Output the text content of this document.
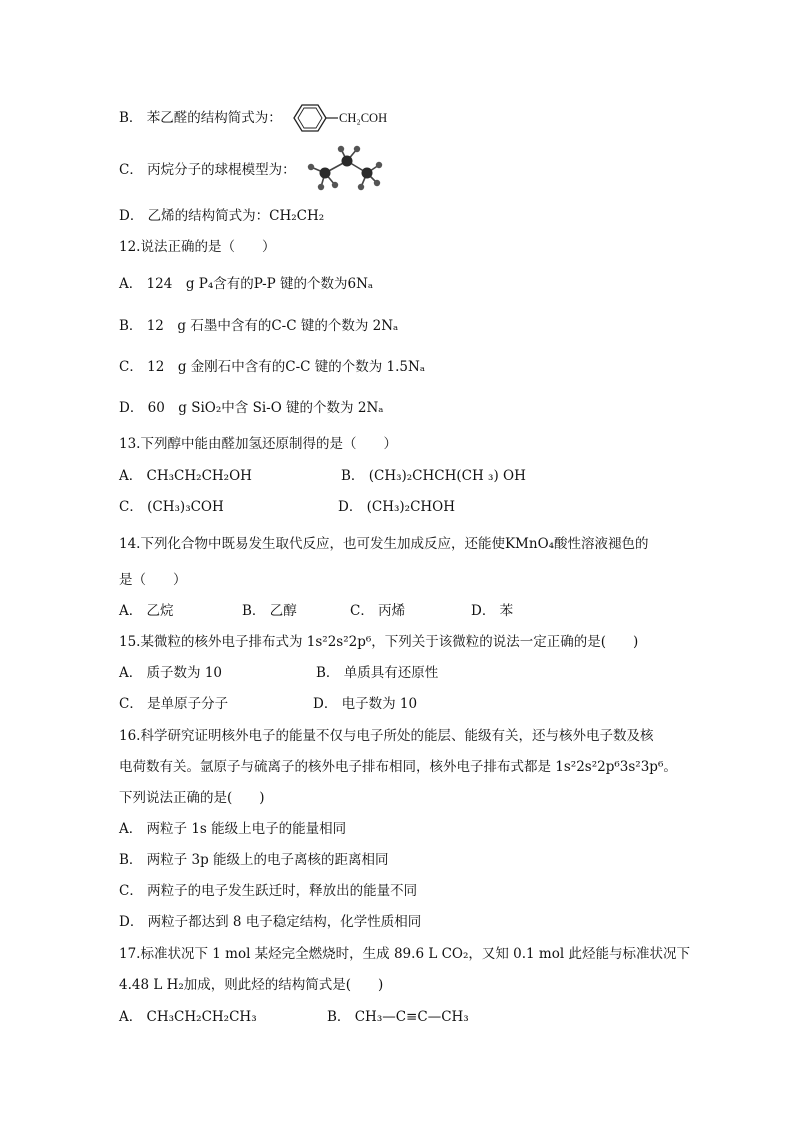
B． 苯乙醛的结构简式为：	CH₂COH
C． 丙烷分子的球棍模型为：
D． 乙烯的结构简式为：CH₂CH₂
12.说法正确的是（　　）
A． 124　g P₄含有的P-P 键的个数为6Nₐ
B． 12　g 石墨中含有的C-C 键的个数为 2Nₐ
C． 12　g 金刚石中含有的C-C 键的个数为 1.5Nₐ
D． 60　g SiO₂中含 Si-O 键的个数为 2Nₐ
13.下列醇中能由醛加氢还原制得的是（　　）
A． CH₃CH₂CH₂OH	B． (CH₃)₂CHCH(CH ₃) OH
C． (CH₃)₃COH	D． (CH₃)₂CHOH
14.下列化合物中既易发生取代反应，也可发生加成反应，还能使KMnO₄酸性溶液褪色的
是（　　）
A． 乙烷	B． 乙醇	C． 丙烯	D． 苯
15.某微粒的核外电子排布式为 1s²2s²2p⁶，下列关于该微粒的说法一定正确的是(　　)
A． 质子数为 10	B． 单质具有还原性
C． 是单原子分子	D． 电子数为 10
16.科学研究证明核外电子的能量不仅与电子所处的能层、能级有关，还与核外电子数及核
电荷数有关。氩原子与硫离子的核外电子排布相同，核外电子排布式都是 1s²2s²2p⁶3s²3p⁶。
下列说法正确的是(　　)
A． 两粒子 1s 能级上电子的能量相同
B． 两粒子 3p 能级上的电子离核的距离相同
C． 两粒子的电子发生跃迁时，释放出的能量不同
D． 两粒子都达到 8 电子稳定结构，化学性质相同
17.标准状况下 1 mol 某烃完全燃烧时，生成 89.6 L CO₂，又知 0.1 mol 此烃能与标准状况下
4.48 L H₂加成，则此烃的结构简式是(　　)
A． CH₃CH₂CH₂CH₃	B． CH₃—C≡C—CH₃
